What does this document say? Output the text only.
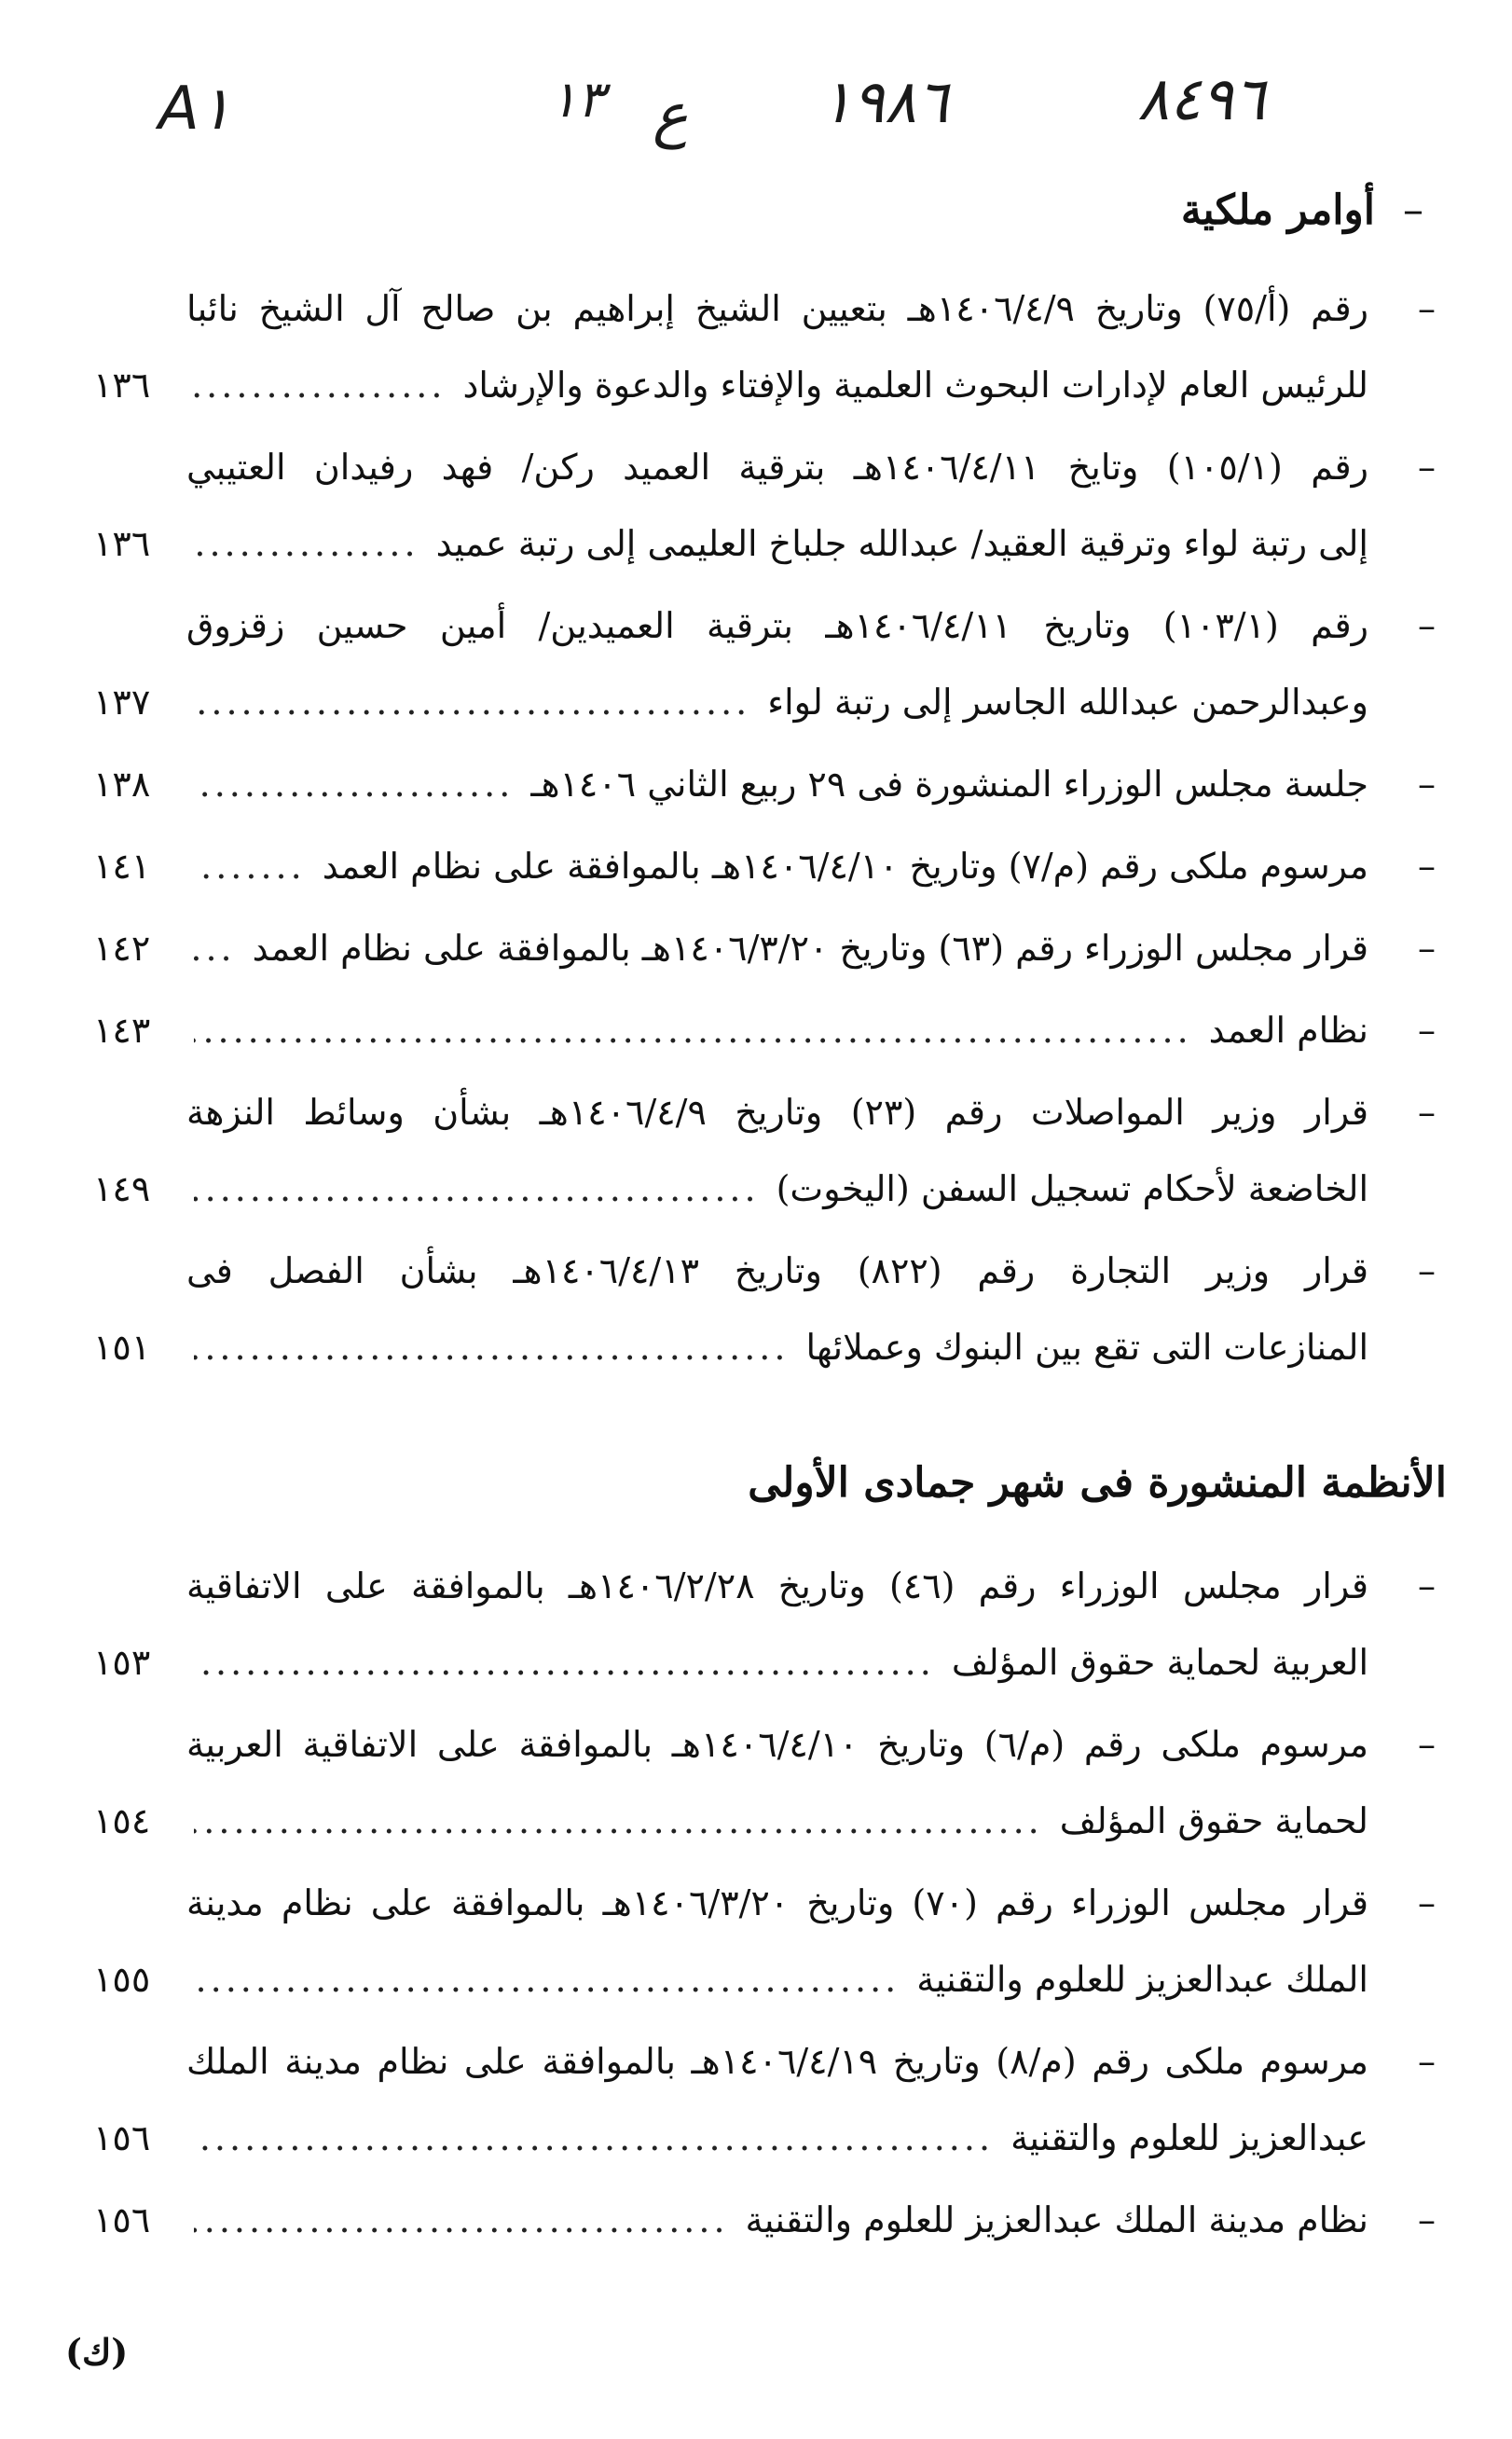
A١	١٣ ع ١٩٨٦	٨٤٩٦
–أوامر ملكية
–
رقم (أ/٧٥) وتاريخ ١٤٠٦/٤/٩هـ بتعيين الشيخ إبراهيم بن صالح آل الشيخ نائبا
للرئيس العام لإدارات البحوث العلمية والإفتاء والدعوة والإرشاد
.....
١٣٦
–
رقم (١٠٥/١) وتايخ ١٤٠٦/٤/١١هـ بترقية العميد ركن/ فهد رفيدان العتيبي
إلى رتبة لواء وترقية العقيد/ عبدالله جلباخ العليمى إلى رتبة عميد
.....
١٣٦
–
رقم (١٠٣/١) وتاريخ ١٤٠٦/٤/١١هـ بترقية العميدين/ أمين حسين زقزوق
وعبدالرحمن عبدالله الجاسر إلى رتبة لواء
.....
١٣٧
–
جلسة مجلس الوزراء المنشورة فى ٢٩ ربيع الثاني ١٤٠٦هـ
.....
١٣٨
–
مرسوم ملكى رقم (م/٧) وتاريخ ١٤٠٦/٤/١٠هـ بالموافقة على نظام العمد
.....
١٤١
–
قرار مجلس الوزراء رقم (٦٣) وتاريخ ١٤٠٦/٣/٢٠هـ بالموافقة على نظام العمد
.....
١٤٢
–
نظام العمد
.....
١٤٣
–
قرار وزير المواصلات رقم (٢٣) وتاريخ ١٤٠٦/٤/٩هـ بشأن وسائط النزهة
الخاضعة لأحكام تسجيل السفن (اليخوت)
.....
١٤٩
–
قرار وزير التجارة رقم (٨٢٢) وتاريخ ١٤٠٦/٤/١٣هـ بشأن الفصل فى
المنازعات التى تقع بين البنوك وعملائها
.....
١٥١
الأنظمة المنشورة فى شهر جمادى الأولى
–
قرار مجلس الوزراء رقم (٤٦) وتاريخ ١٤٠٦/٢/٢٨هـ بالموافقة على الاتفاقية
العربية لحماية حقوق المؤلف
.....
١٥٣
–
مرسوم ملكى رقم (م/٦) وتاريخ ١٤٠٦/٤/١٠هـ بالموافقة على الاتفاقية العربية
لحماية حقوق المؤلف
.....
١٥٤
–
قرار مجلس الوزراء رقم (٧٠) وتاريخ ١٤٠٦/٣/٢٠هـ بالموافقة على نظام مدينة
الملك عبدالعزيز للعلوم والتقنية
.....
١٥٥
–
مرسوم ملكى رقم (م/٨) وتاريخ ١٤٠٦/٤/١٩هـ بالموافقة على نظام مدينة الملك
عبدالعزيز للعلوم والتقنية
.....
١٥٦
–
نظام مدينة الملك عبدالعزيز للعلوم والتقنية
.....
١٥٦
(ك)
